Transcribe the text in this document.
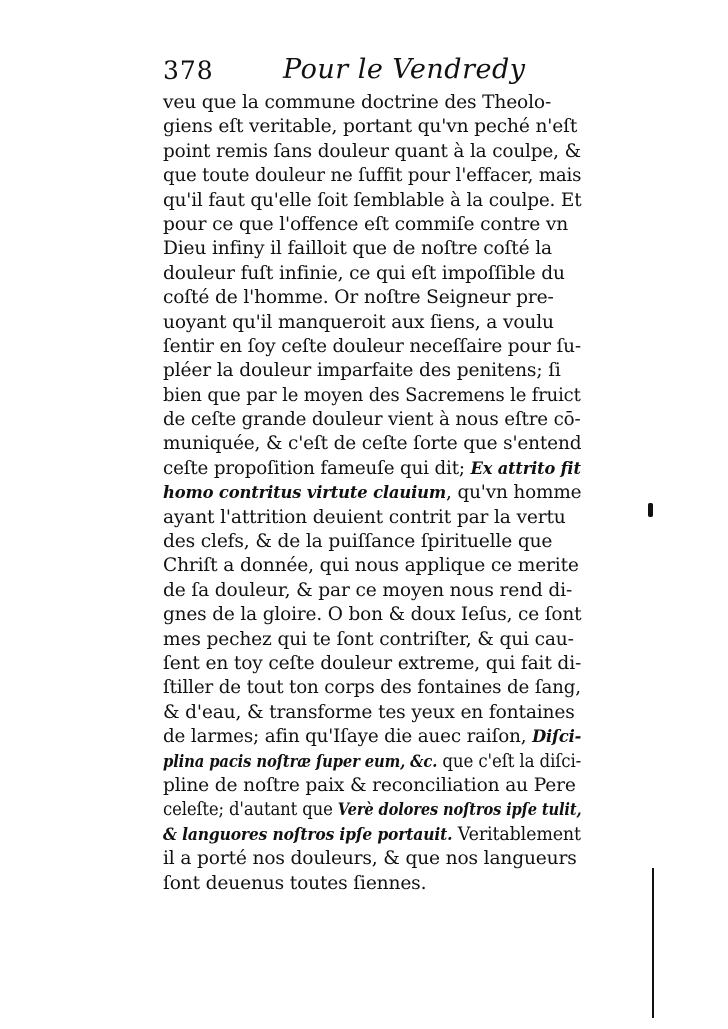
378	Pour le Vendredy
veu que la commune doctrine des Theolo-
giens eſt veritable, portant qu'vn peché n'eſt
point remis ſans douleur quant à la coulpe, &
que toute douleur ne ſuffit pour l'effacer, mais
qu'il faut qu'elle ſoit ſemblable à la coulpe. Et
pour ce que l'offence eſt commiſe contre vn
Dieu infiny il failloit que de noſtre coſté la
douleur fuſt infinie, ce qui eſt impoſſible du
coſté de l'homme. Or noſtre Seigneur pre-
uoyant qu'il manqueroit aux ſiens, a voulu
ſentir en ſoy ceſte douleur neceſſaire pour ſu-
pléer la douleur imparfaite des penitens; ſi
bien que par le moyen des Sacremens le fruict
de ceſte grande douleur vient à nous eſtre cō-
muniquée, & c'eſt de ceſte ſorte que s'entend
ceſte propoſition fameuſe qui dit; Ex attrito fit
homo contritus virtute clauium, qu'vn homme
ayant l'attrition deuient contrit par la vertu
des clefs, & de la puiſſance ſpirituelle que
Chriſt a donnée, qui nous applique ce merite
de ſa douleur, & par ce moyen nous rend di-
gnes de la gloire. O bon & doux Ieſus, ce ſont
mes pechez qui te ſont contriſter, & qui cau-
ſent en toy ceſte douleur extreme, qui fait di-
ſtiller de tout ton corps des fontaines de ſang,
& d'eau, & transforme tes yeux en fontaines
de larmes; afin qu'Iſaye die auec raiſon, Diſci-
plina pacis noſtræ ſuper eum, &c. que c'eſt la diſci-
pline de noſtre paix & reconciliation au Pere
celeſte; d'autant que Verè dolores noſtros ipſe tulit,
& languores noſtros ipſe portauit. Veritablement
il a porté nos douleurs, & que nos langueurs
ſont deuenus toutes ſiennes.
